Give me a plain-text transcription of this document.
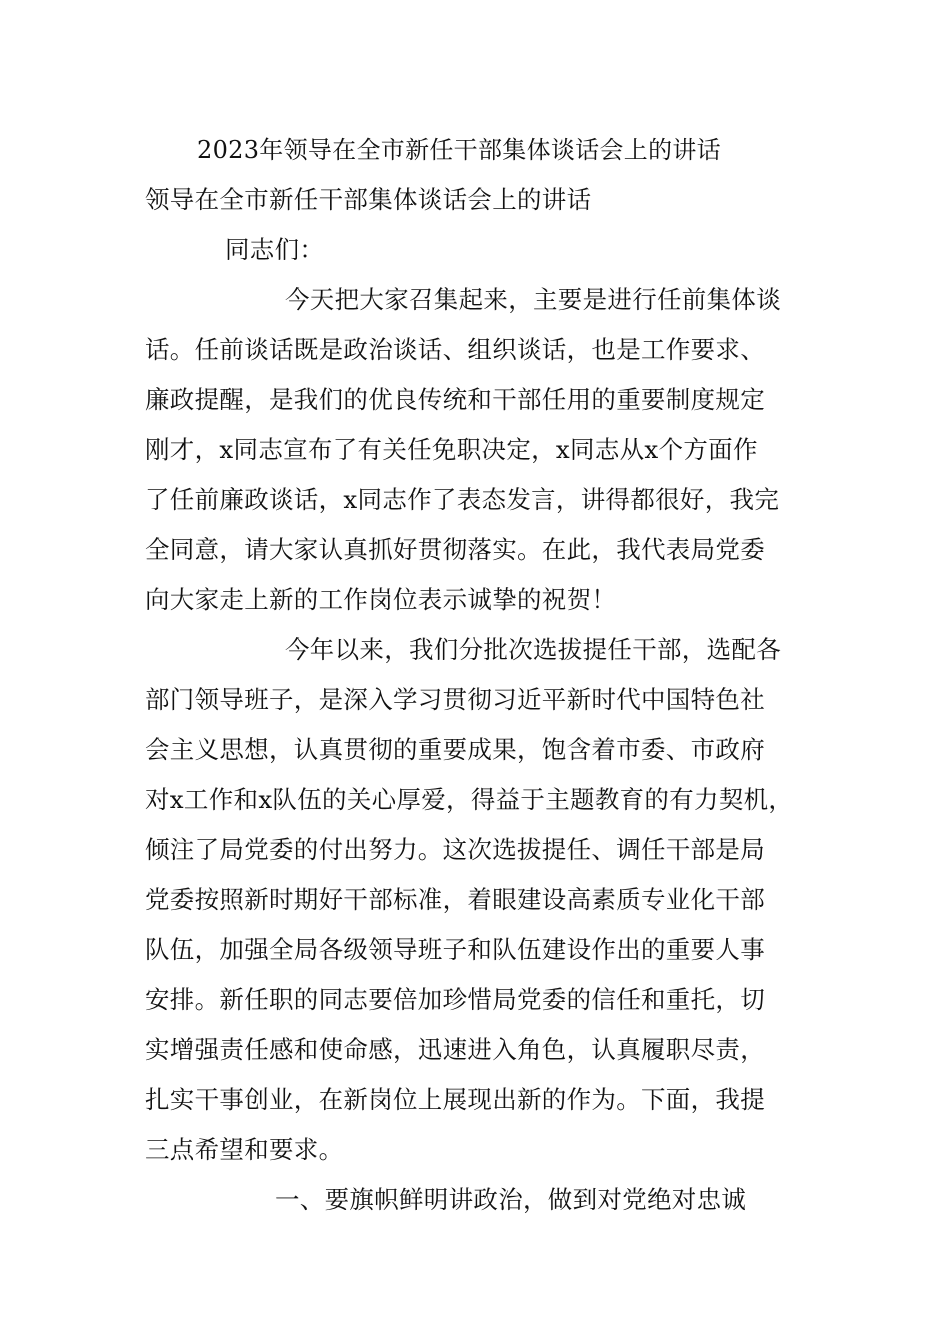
2023年领导在全市新任干部集体谈话会上的讲话
领导在全市新任干部集体谈话会上的讲话
同志们：
今天把大家召集起来，主要是进行任前集体谈
话。任前谈话既是政治谈话、组织谈话，也是工作要求、
廉政提醒，是我们的优良传统和干部任用的重要制度规定
刚才，x同志宣布了有关任免职决定，x同志从x个方面作
了任前廉政谈话，x同志作了表态发言，讲得都很好，我完
全同意，请大家认真抓好贯彻落实。在此，我代表局党委
向大家走上新的工作岗位表示诚挚的祝贺！
今年以来，我们分批次选拔提任干部，选配各
部门领导班子，是深入学习贯彻习近平新时代中国特色社
会主义思想，认真贯彻的重要成果，饱含着市委、市政府
对x工作和x队伍的关心厚爱，得益于主题教育的有力契机，
倾注了局党委的付出努力。这次选拔提任、调任干部是局
党委按照新时期好干部标准，着眼建设高素质专业化干部
队伍，加强全局各级领导班子和队伍建设作出的重要人事
安排。新任职的同志要倍加珍惜局党委的信任和重托，切
实增强责任感和使命感，迅速进入角色，认真履职尽责，
扎实干事创业，在新岗位上展现出新的作为。下面，我提
三点希望和要求。
一、要旗帜鲜明讲政治，做到对党绝对忠诚
